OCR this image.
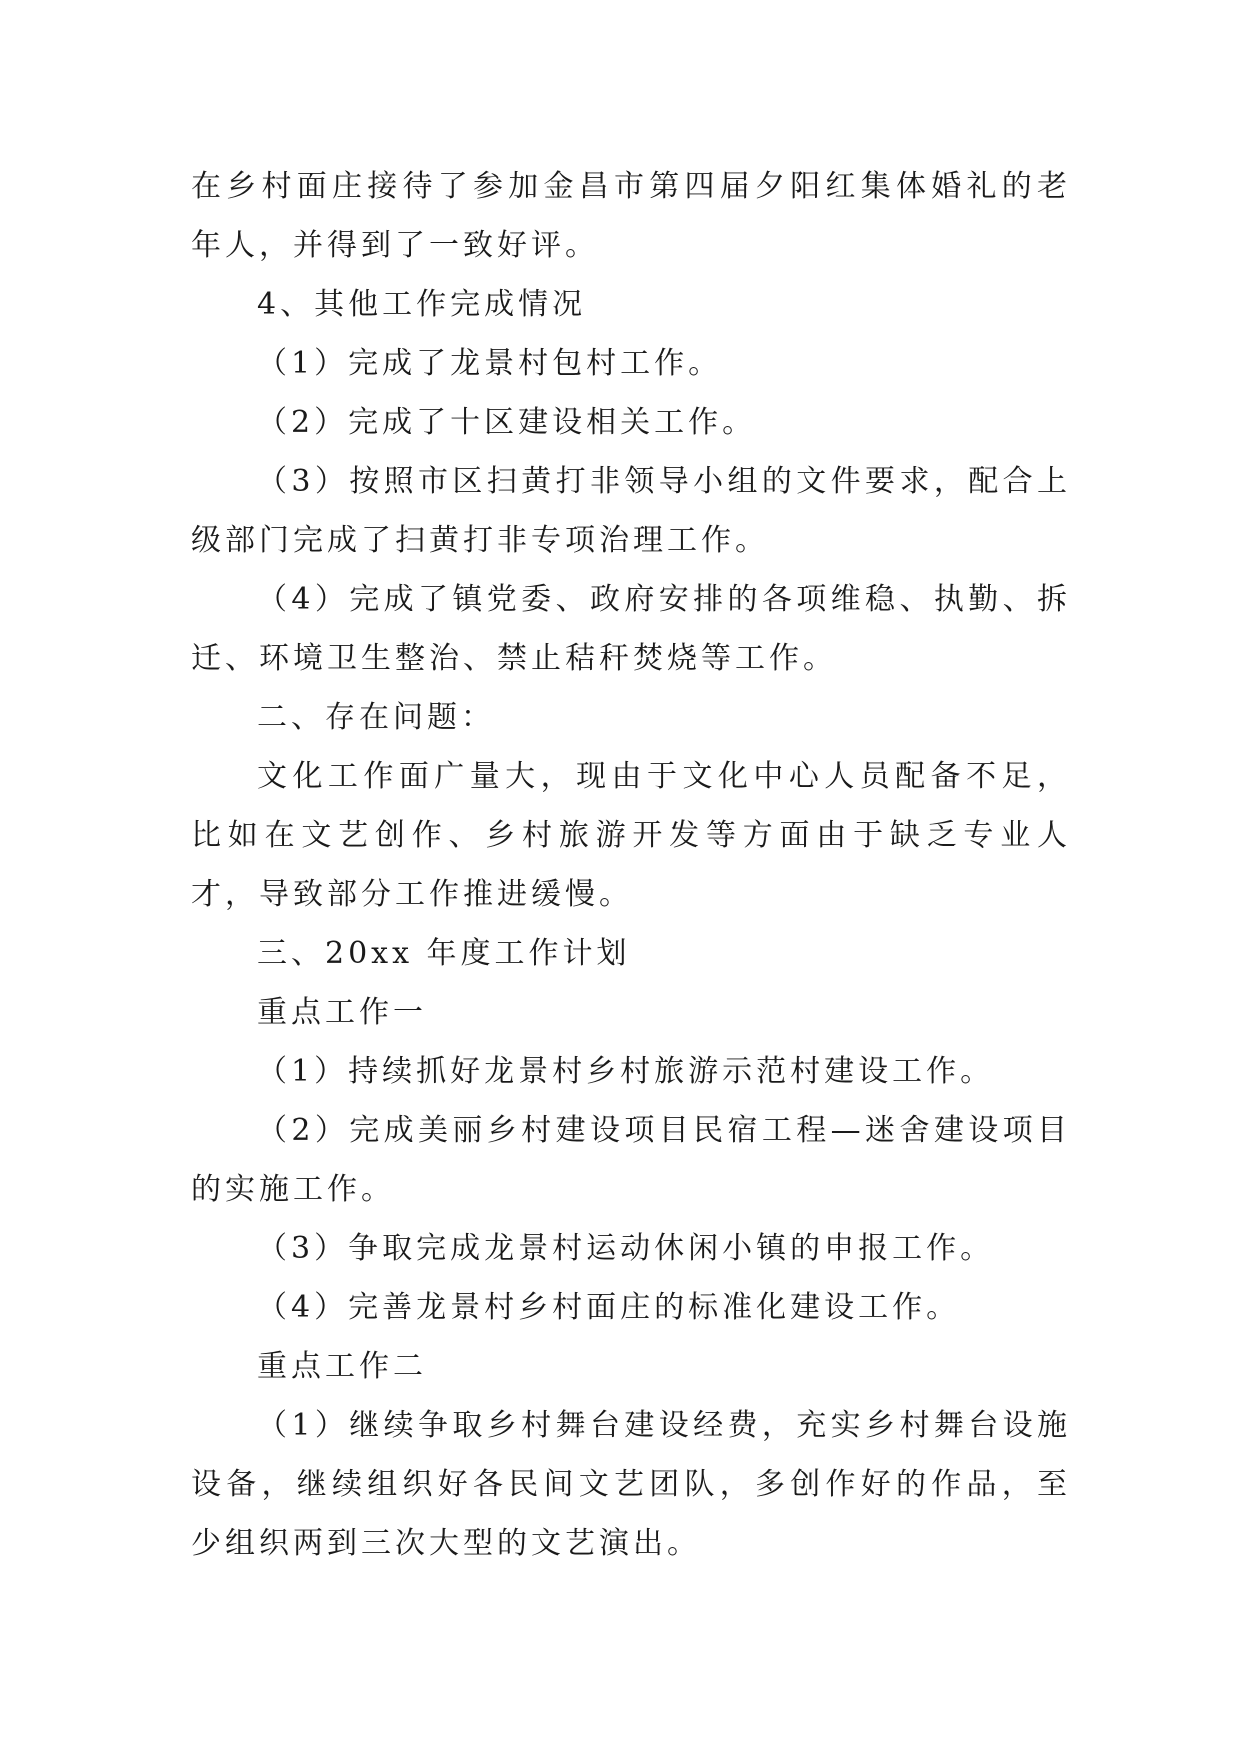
在乡村面庄接待了参加金昌市第四届夕阳红集体婚礼的老年人，并得到了一致好评。

4、其他工作完成情况

（1）完成了龙景村包村工作。

（2）完成了十区建设相关工作。

（3）按照市区扫黄打非领导小组的文件要求，配合上级部门完成了扫黄打非专项治理工作。

（4）完成了镇党委、政府安排的各项维稳、执勤、拆迁、环境卫生整治、禁止秸秆焚烧等工作。

二、存在问题：

文化工作面广量大，现由于文化中心人员配备不足，比如在文艺创作、乡村旅游开发等方面由于缺乏专业人才，导致部分工作推进缓慢。

三、20xx 年度工作计划

重点工作一

（1）持续抓好龙景村乡村旅游示范村建设工作。

（2）完成美丽乡村建设项目民宿工程—迷舍建设项目的实施工作。

（3）争取完成龙景村运动休闲小镇的申报工作。

（4）完善龙景村乡村面庄的标准化建设工作。

重点工作二

（1）继续争取乡村舞台建设经费，充实乡村舞台设施设备，继续组织好各民间文艺团队，多创作好的作品，至少组织两到三次大型的文艺演出。
